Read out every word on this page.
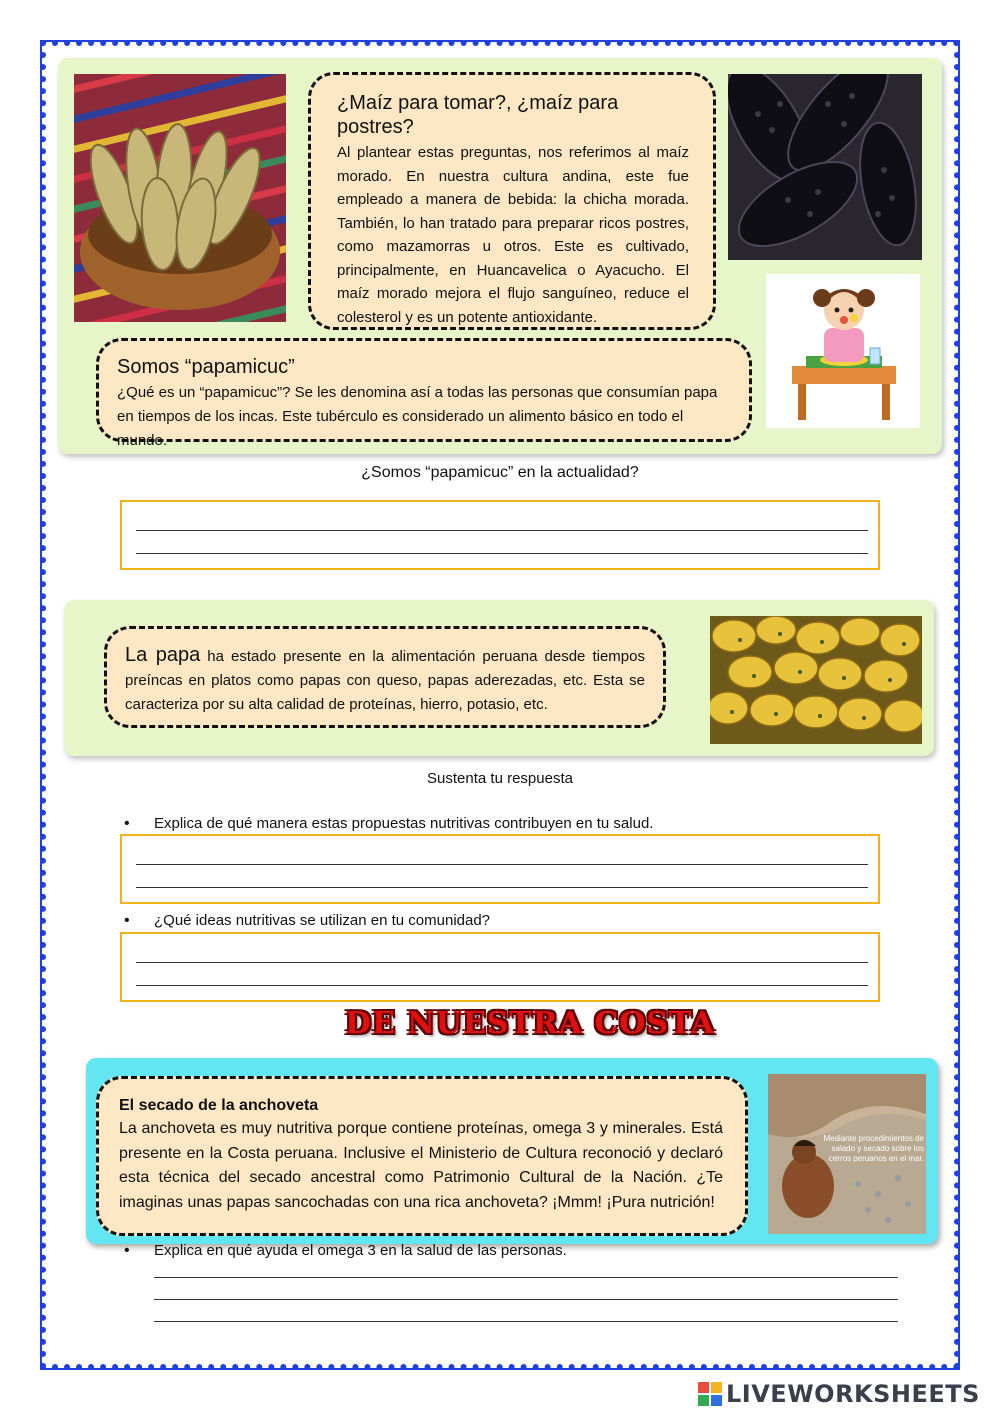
¿Maíz para tomar?, ¿maíz para postres?
Al plantear estas preguntas, nos referimos al maíz morado. En nuestra cultura andina, este fue empleado a manera de bebida: la chicha morada. También, lo han tratado para preparar ricos postres, como mazamorras u otros. Este es cultivado, principalmente, en Huancavelica o Ayacucho. El maíz morado mejora el flujo sanguíneo, reduce el colesterol y es un potente antioxidante.
Somos “papamicuc”
¿Qué es un “papamicuc”? Se les denomina así a todas las personas que consumían papa en tiempos de los incas. Este tubérculo es considerado un alimento básico en todo el mundo.
¿Somos “papamicuc” en la actualidad?
La papa ha estado presente en la alimentación peruana desde tiempos preíncas en platos como papas con queso, papas aderezadas, etc. Esta se caracteriza por su alta calidad de proteínas, hierro, potasio, etc.
Sustenta tu respuesta
• Explica de qué manera estas propuestas nutritivas contribuyen en tu salud.
• ¿Qué ideas nutritivas se utilizan en tu comunidad?
DE NUESTRA COSTA
El secado de la anchoveta
La anchoveta es muy nutritiva porque contiene proteínas, omega 3 y minerales. Está presente en la Costa peruana. Inclusive el Ministerio de Cultura reconoció y declaró esta técnica del secado ancestral como Patrimonio Cultural de la Nación. ¿Te imaginas unas papas sancochadas con una rica anchoveta? ¡Mmm! ¡Pura nutrición!
Mediante procedimientos de salado y secado sobre los cerros peruanos en el mar.
• Explica en qué ayuda el omega 3 en la salud de las personas.
LIVEWORKSHEETS
